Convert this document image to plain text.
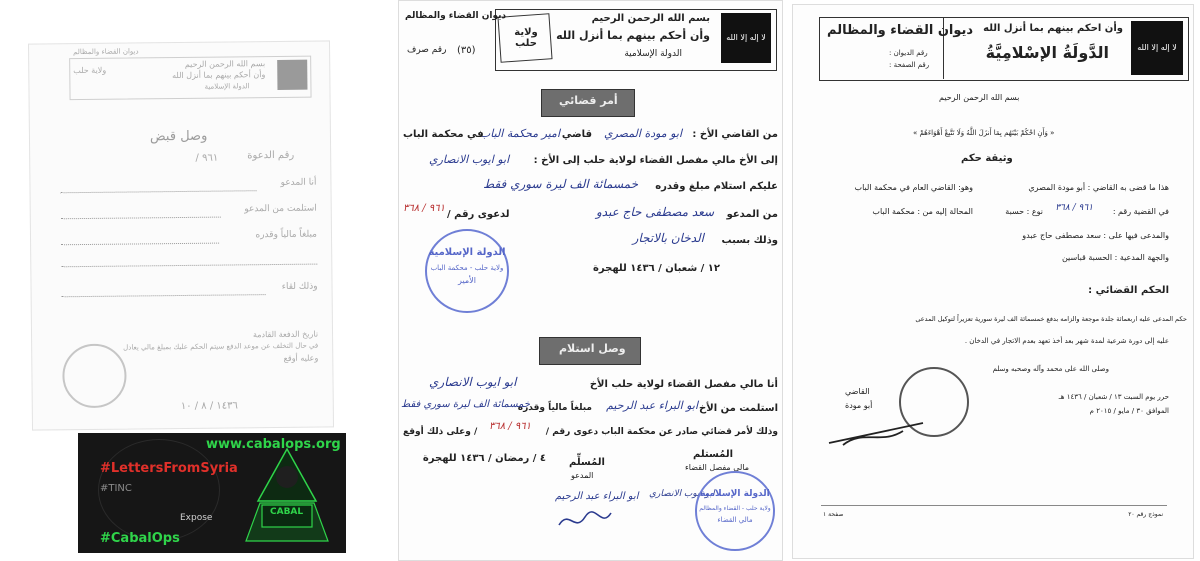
بسم الله الرحمن الرحيم
وأن أحكم بينهم بما أنزل الله
الدولة الإسلامية
ولاية حلب
ديوان القضاء والمظالم
وصل قبض
رقم الدعوة
٩٦١ /
أنا المدعو
استلمت من المدعو
مبلغاً مالياً وقدره
وذلك لقاء
تاريخ الدفعة القادمة
في حال التخلف عن موعد الدفع سيتم الحكم عليك بمبلغ مالي يعادل
وعليه أوقع
١٤٣٦ / ٨ / ١٠
www.cabalops.org
#LettersFromSyria
#TINC
Expose
CABAL
#CabalOps
لا إله إلا الله
بسم الله الرحمن الرحيم
وأن أحكم بينهم بما أنزل الله
الدولة الإسلامية
ولاية حلب
ديوان القضاء والمظالم
رقم صرف (٣٥)
أمر قضائي
من القاضي الأخ :
ابو مودة المصري
قاضي
امير محكمة الباب
في محكمة الباب
إلى الأخ مالي مفصل القضاء لولاية حلب إلى الأخ :
ابو ايوب الانصاري
عليكم استلام مبلغ وقدره
خمسمائة الف ليرة سوري فقط
من المدعو
سعد مصطفى حاج عبدو
لدعوى رقم /
٩٦١ / ٣٦٨
وذلك بسبب
الدخان بالاتجار
١٢ / شعبان / ١٤٣٦ للهجرة
الدولة الإسلامية
ولاية حلب - محكمة الباب
الأمير
وصل استلام
أنا مالي مفصل القضاء لولاية حلب الأخ
ابو ايوب الانصاري
استلمت من الأخ
ابو البراء عبد الرحيم
مبلغاً مالياً وقدره
خمسمائة الف ليرة سوري فقط
وذلك لأمر قضائي صادر عن محكمة الباب دعوى رقم /
٩٦١ / ٣٦٨
/ وعلى ذلك أوقع
٤ / رمضان / ١٤٣٦ للهجرة	المُستلم
مالي مفصل القضاء
المُسلِّم
المدعو
ابو البراء عبد الرحيم ابو ايوب الانصاري
الدولة الإسلامية
ولاية حلب - القضاء والمظالم
مالي القضاء
لا إله إلا الله
وأن احكم بينهم بما أنزل الله
الدَّولَةُ الإسْلامِيَّةُ
ديوان القضاء والمظالم
رقم الديوان :
رقم الصفحة :
بسم الله الرحمن الرحيم
« وَأَنِ احْكُمْ بَيْنَهُم بِمَا أَنزَلَ اللَّهُ وَلَا تَتَّبِعْ أَهْوَاءَهُمْ »
وثيقة حكم
هذا ما قضى به القاضي : أبو مودة المصري
وهو: القاضي العام في محكمة الباب
في القضية رقم :
٩٦١ / ٣٦٨
نوع : حسبة
المحالة إليه من : محكمة الباب
والمدعى فيها على : سعد مصطفى حاج عبدو
والجهة المدعية : الحسبة قباسين
الحكم القضائي :
حكم المدعى عليه اربعمائة جلدة موجعة والزامه بدفع خمسمائة الف ليرة سورية تعزيراً لتوكيل المدعى
عليه إلى دورة شرعية لمدة شهر بعد أخذ تعهد بعدم الاتجار في الدخان .
وصلى الله على محمد وآله وصحبه وسلم
القاضي
أبو مودة
حرر يوم السبت ١٣ / شعبان / ١٤٣٦ هـ
الموافق ٣٠ / مايو / ٢٠١٥ م
نموذج رقم ٢٠
صفحة ١
